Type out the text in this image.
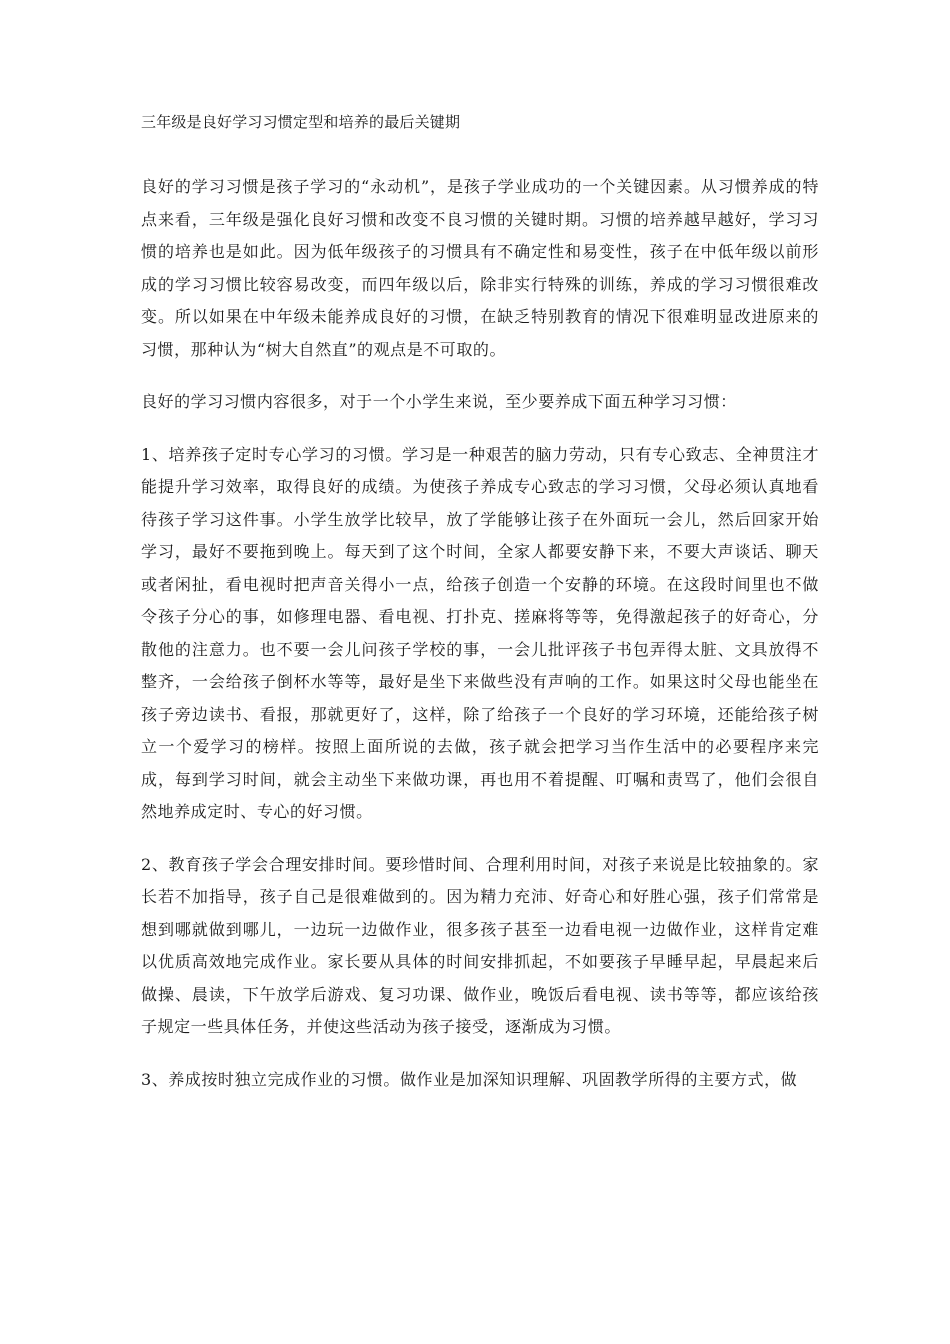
三年级是良好学习习惯定型和培养的最后关键期

良好的学习习惯是孩子学习的“永动机”，是孩子学业成功的一个关键因素。从习惯养成的特点来看，三年级是强化良好习惯和改变不良习惯的关键时期。习惯的培养越早越好，学习习惯的培养也是如此。因为低年级孩子的习惯具有不确定性和易变性，孩子在中低年级以前形成的学习习惯比较容易改变，而四年级以后，除非实行特殊的训练，养成的学习习惯很难改变。所以如果在中年级未能养成良好的习惯，在缺乏特别教育的情况下很难明显改进原来的习惯，那种认为“树大自然直”的观点是不可取的。

良好的学习习惯内容很多，对于一个小学生来说，至少要养成下面五种学习习惯：

1、培养孩子定时专心学习的习惯。学习是一种艰苦的脑力劳动，只有专心致志、全神贯注才能提升学习效率，取得良好的成绩。为使孩子养成专心致志的学习习惯，父母必须认真地看待孩子学习这件事。小学生放学比较早，放了学能够让孩子在外面玩一会儿，然后回家开始学习，最好不要拖到晚上。每天到了这个时间，全家人都要安静下来，不要大声谈话、聊天或者闲扯，看电视时把声音关得小一点，给孩子创造一个安静的环境。在这段时间里也不做令孩子分心的事，如修理电器、看电视、打扑克、搓麻将等等，免得激起孩子的好奇心，分散他的注意力。也不要一会儿问孩子学校的事，一会儿批评孩子书包弄得太脏、文具放得不整齐，一会给孩子倒杯水等等，最好是坐下来做些没有声响的工作。如果这时父母也能坐在孩子旁边读书、看报，那就更好了，这样，除了给孩子一个良好的学习环境，还能给孩子树立一个爱学习的榜样。按照上面所说的去做，孩子就会把学习当作生活中的必要程序来完成，每到学习时间，就会主动坐下来做功课，再也用不着提醒、叮嘱和责骂了，他们会很自然地养成定时、专心的好习惯。

2、教育孩子学会合理安排时间。要珍惜时间、合理利用时间，对孩子来说是比较抽象的。家长若不加指导，孩子自己是很难做到的。因为精力充沛、好奇心和好胜心强，孩子们常常是想到哪就做到哪儿，一边玩一边做作业，很多孩子甚至一边看电视一边做作业，这样肯定难以优质高效地完成作业。家长要从具体的时间安排抓起，不如要孩子早睡早起，早晨起来后做操、晨读，下午放学后游戏、复习功课、做作业，晚饭后看电视、读书等等，都应该给孩子规定一些具体任务，并使这些活动为孩子接受，逐渐成为习惯。

3、养成按时独立完成作业的习惯。做作业是加深知识理解、巩固教学所得的主要方式，做
